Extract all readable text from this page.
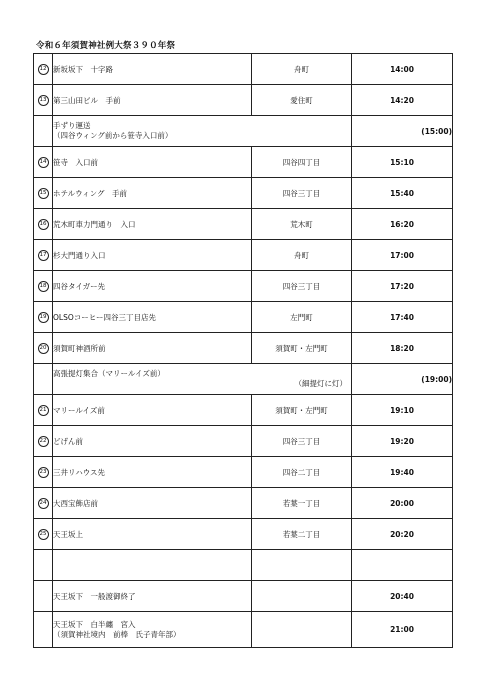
令和６年須賀神社例大祭３９０年祭
12	新坂坂下　十字路	舟町	14:00
13	第三山田ビル　手前	愛住町	14:20

	手ずり運送
（四谷ウィング前から笹寺入口前）		(15:00)
14	笹寺　入口前	四谷四丁目	15:10
15	ホテルウィング　手前	四谷三丁目	15:40
16	荒木町車力門通り　入口	荒木町	16:20
17	杉大門通り入口	舟町	17:00
18	四谷タイガー先	四谷三丁目	17:20
19	OLSOコーヒー四谷三丁目店先	左門町	17:40
20	須賀町神酒所前	須賀町・左門町	18:20

	高張提灯集合（マリールイズ前）
（細提灯に灯）		(19:00)
21	マリールイズ前	須賀町・左門町	19:10
22	どげん前	四谷三丁目	19:20
23	三井リハウス先	四谷二丁目	19:40
24	大西宝飾店前	若葉一丁目	20:00
25	天王坂上	若葉二丁目	20:20

	天王坂下　一般渡御終了		20:40

	天王坂下　白半纏　宮入
（須賀神社境内　前棒　氏子青年部）		21:00
